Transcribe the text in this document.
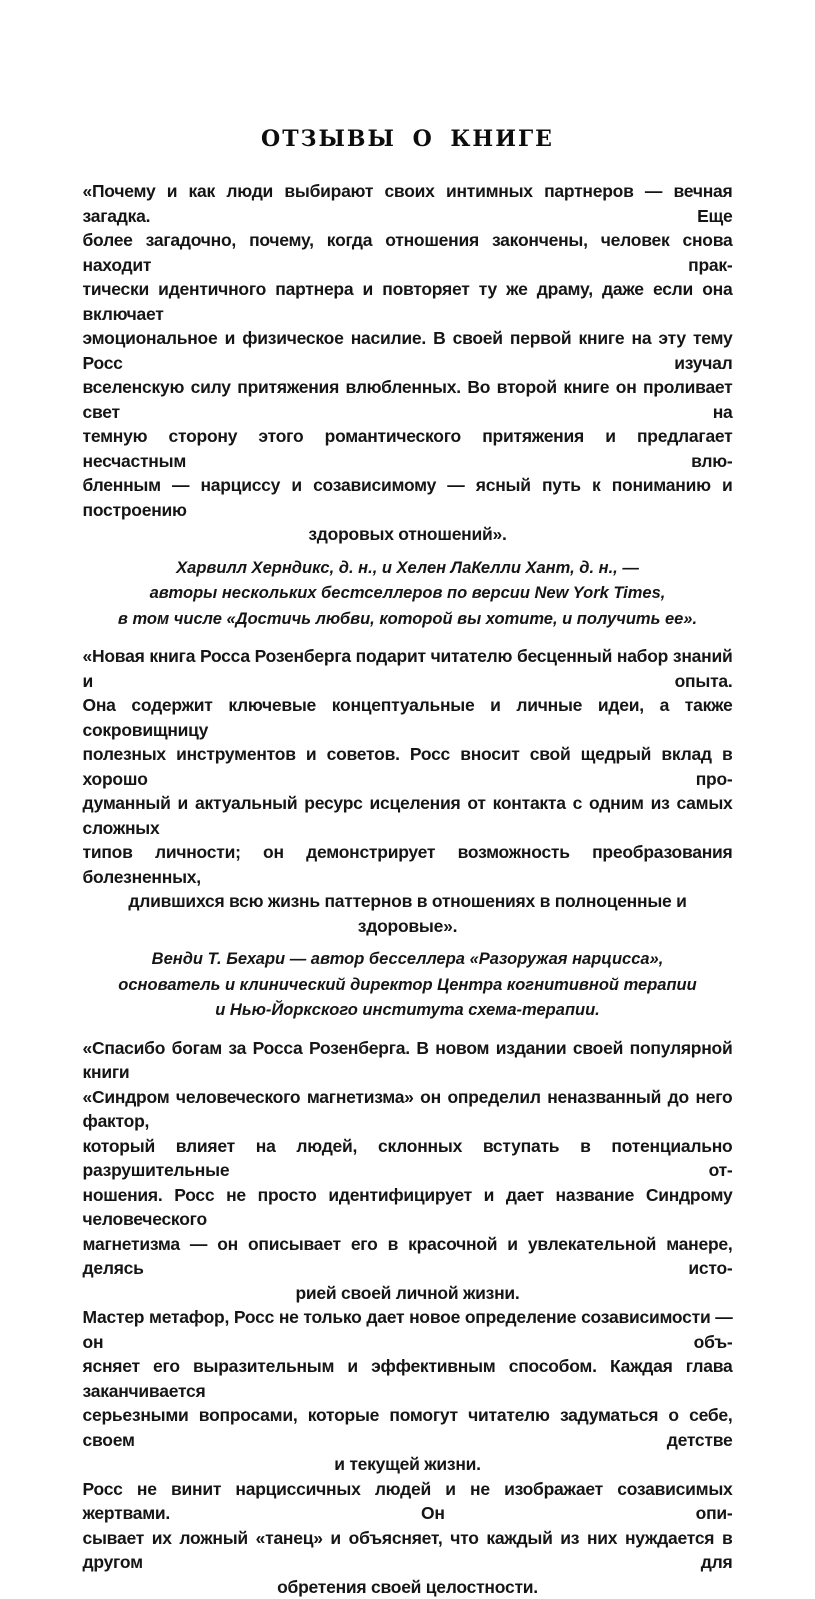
ОТЗЫВЫ О КНИГЕ

«Почему и как люди выбирают своих интимных партнеров — вечная загадка. Еще
более загадочно, почему, когда отношения закончены, человек снова находит прак-
тически идентичного партнера и повторяет ту же драму, даже если она включает
эмоциональное и физическое насилие. В своей первой книге на эту тему Росс изучал
вселенскую силу притяжения влюбленных. Во второй книге он проливает свет на
темную сторону этого романтического притяжения и предлагает несчастным влю-
бленным — нарциссу и созависимому — ясный путь к пониманию и построению
здоровых отношений».

Харвилл Херндикс, д. н., и Хелен ЛаКелли Хант, д. н., —
авторы нескольких бестселлеров по версии New York Times,
в том числе «Достичь любви, которой вы хотите, и получить ее».

«Новая книга Росса Розенберга подарит читателю бесценный набор знаний и опыта.
Она содержит ключевые концептуальные и личные идеи, а также сокровищницу
полезных инструментов и советов. Росс вносит свой щедрый вклад в хорошо про-
думанный и актуальный ресурс исцеления от контакта с одним из самых сложных
типов личности; он демонстрирует возможность преобразования болезненных,
длившихся всю жизнь паттернов в отношениях в полноценные и здоровые».

Венди Т. Бехари — автор бесселлера «Разоружая нарцисса»,
основатель и клинический директор Центра когнитивной терапии
и Нью-Йоркского института схема-терапии.

«Спасибо богам за Росса Розенберга. В новом издании своей популярной книги
«Синдром человеческого магнетизма» он определил неназванный до него фактор,
который влияет на людей, склонных вступать в потенциально разрушительные от-
ношения. Росс не просто идентифицирует и дает название Синдрому человеческого
магнетизма — он описывает его в красочной и увлекательной манере, делясь исто-
рией своей личной жизни.

Мастер метафор, Росс не только дает новое определение созависимости — он объ-
ясняет его выразительным и эффективным способом. Каждая глава заканчивается
серьезными вопросами, которые помогут читателю задуматься о себе, своем детстве
и текущей жизни.

Росс не винит нарциссичных людей и не изображает созависимых жертвами. Он опи-
сывает их ложный «танец» и объясняет, что каждый из них нуждается в другом для
обретения своей целостности.
